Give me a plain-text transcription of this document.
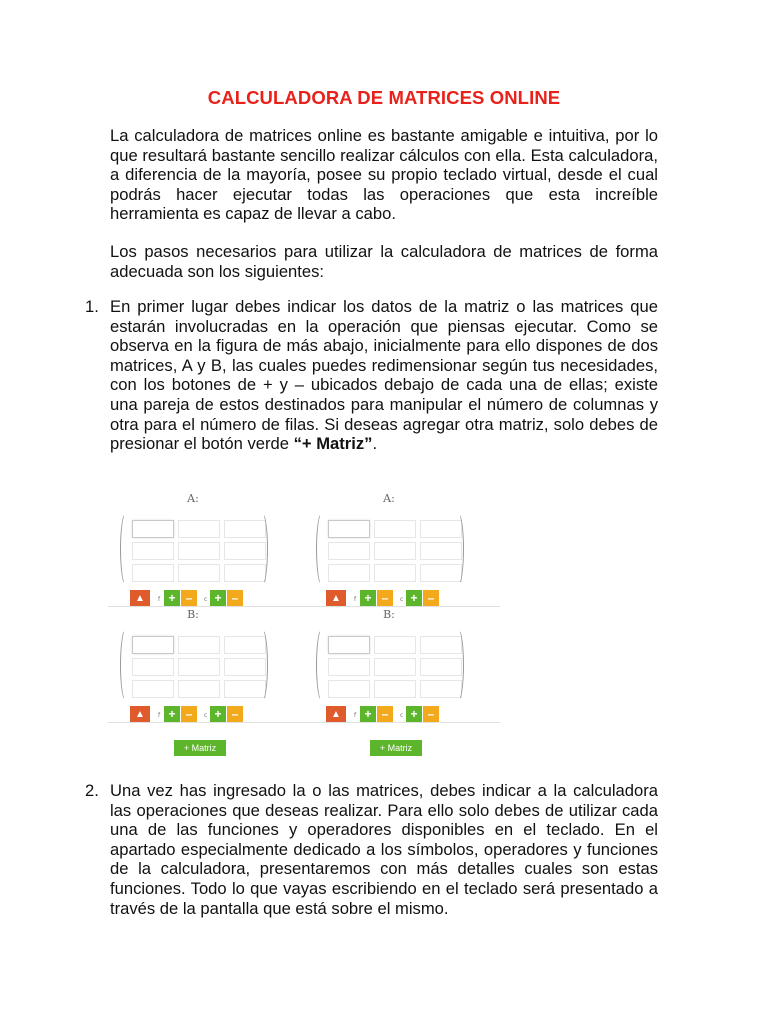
CALCULADORA DE MATRICES ONLINE

La calculadora de matrices online es bastante amigable e intuitiva, por lo que resultará bastante sencillo realizar cálculos con ella. Esta calculadora, a diferencia de la mayoría, posee su propio teclado virtual, desde el cual podrás hacer ejecutar todas las operaciones que esta increíble herramienta es capaz de llevar a cabo.

Los pasos necesarios para utilizar la calculadora de matrices de forma adecuada son los siguientes:

1. En primer lugar debes indicar los datos de la matriz o las matrices que estarán involucradas en la operación que piensas ejecutar. Como se observa en la figura de más abajo, inicialmente para ello dispones de dos matrices, A y B, las cuales puedes redimensionar según tus necesidades, con los botones de + y – ubicados debajo de cada una de ellas; existe una pareja de estos destinados para manipular el número de columnas y otra para el número de filas. Si deseas agregar otra matriz, solo debes de presionar el botón verde “+ Matriz”.

A:
▲	f + –	c + –
A:
▲	f + –	c + –
B:
▲	f + –	c + –
B:
▲	f + –	c + –
+ Matriz	+ Matriz
2. Una vez has ingresado la o las matrices, debes indicar a la calculadora las operaciones que deseas realizar. Para ello solo debes de utilizar cada una de las funciones y operadores disponibles en el teclado. En el apartado especialmente dedicado a los símbolos, operadores y funciones de la calculadora, presentaremos con más detalles cuales son estas funciones. Todo lo que vayas escribiendo en el teclado será presentado a través de la pantalla que está sobre el mismo.
